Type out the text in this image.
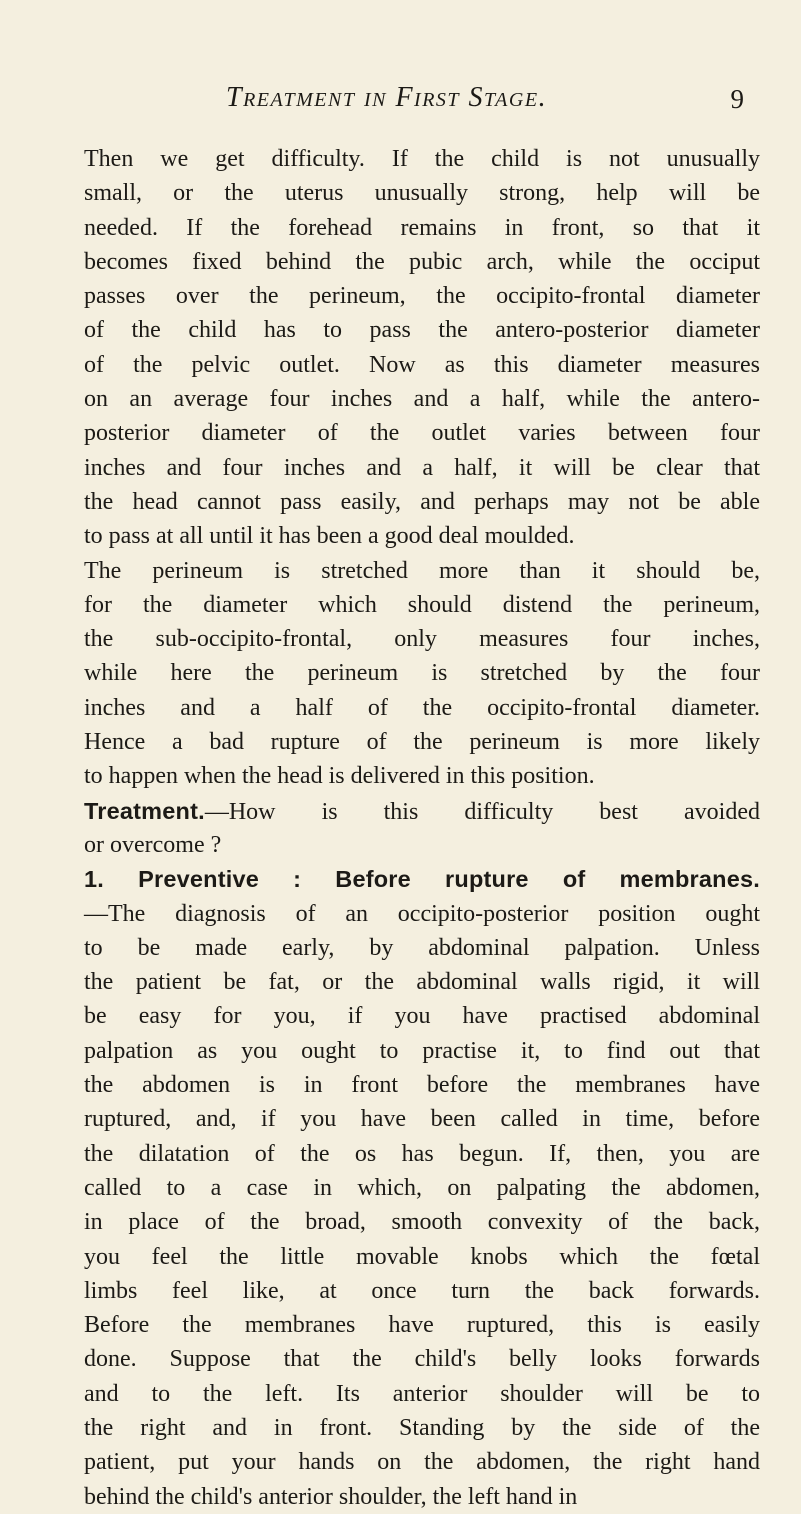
Treatment in First Stage.	9
Then we get difficulty. If the child is not unusually
small, or the uterus unusually strong, help will be
needed. If the forehead remains in front, so that it
becomes fixed behind the pubic arch, while the occiput
passes over the perineum, the occipito-frontal diameter
of the child has to pass the antero-posterior diameter
of the pelvic outlet. Now as this diameter measures
on an average four inches and a half, while the antero-
posterior diameter of the outlet varies between four
inches and four inches and a half, it will be clear that
the head cannot pass easily, and perhaps may not be able
to pass at all until it has been a good deal moulded.
The perineum is stretched more than it should be,
for the diameter which should distend the perineum,
the sub-occipito-frontal, only measures four inches,
while here the perineum is stretched by the four
inches and a half of the occipito-frontal diameter.
Hence a bad rupture of the perineum is more likely
to happen when the head is delivered in this position.
Treatment.—How is this difficulty best avoided
or overcome ?
1. Preventive : Before rupture of membranes.
—The diagnosis of an occipito-posterior position ought
to be made early, by abdominal palpation. Unless
the patient be fat, or the abdominal walls rigid, it will
be easy for you, if you have practised abdominal
palpation as you ought to practise it, to find out that
the abdomen is in front before the membranes have
ruptured, and, if you have been called in time, before
the dilatation of the os has begun. If, then, you are
called to a case in which, on palpating the abdomen,
in place of the broad, smooth convexity of the back,
you feel the little movable knobs which the fœtal
limbs feel like, at once turn the back forwards.
Before the membranes have ruptured, this is easily
done. Suppose that the child's belly looks forwards
and to the left. Its anterior shoulder will be to
the right and in front. Standing by the side of the
patient, put your hands on the abdomen, the right hand
behind the child's anterior shoulder, the left hand in
